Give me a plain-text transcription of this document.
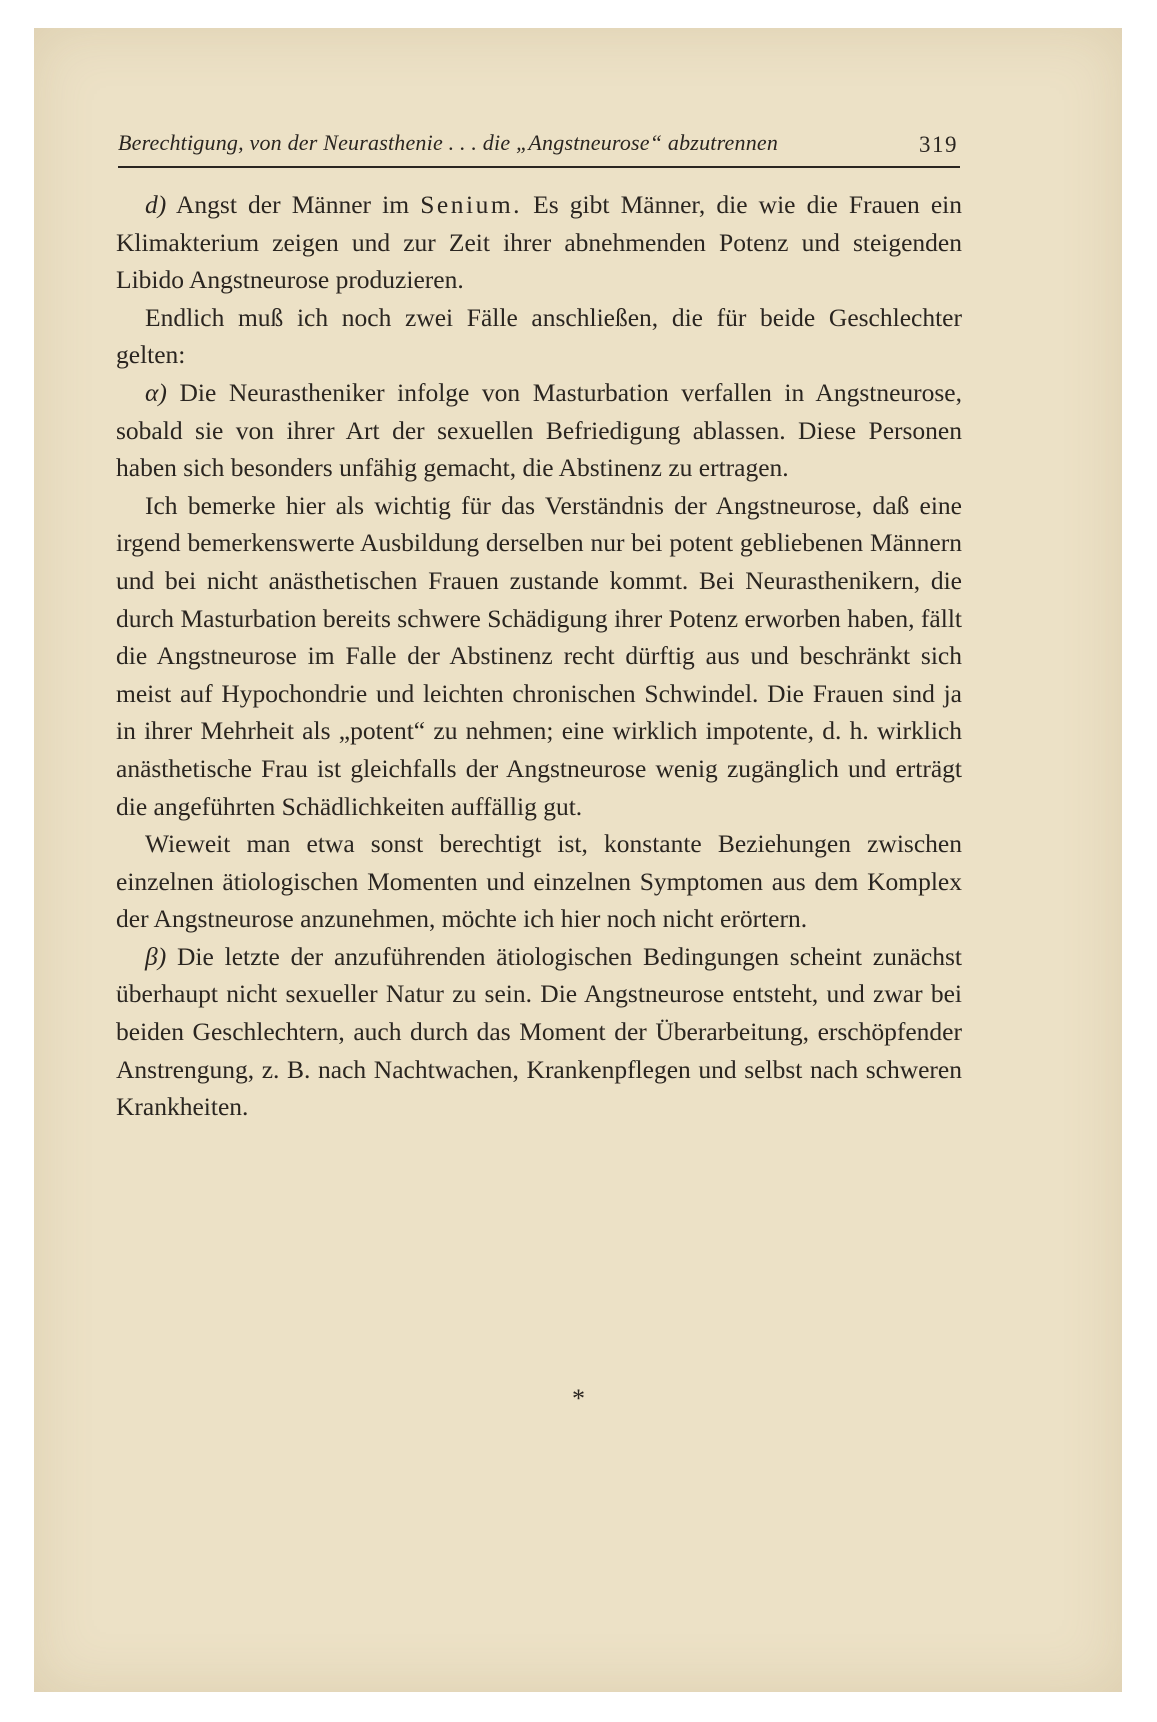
Berechtigung, von der Neurasthenie . . . die „Angstneurose“ abzutrennen	319

d) Angst der Männer im Senium. Es gibt Männer, die wie die Frauen ein Klimakterium zeigen und zur Zeit ihrer abnehmenden Potenz und steigenden Libido Angstneurose produzieren.

Endlich muß ich noch zwei Fälle anschließen, die für beide Geschlechter gelten:

α) Die Neurastheniker infolge von Masturbation verfallen in Angstneurose, sobald sie von ihrer Art der sexuellen Befriedigung ablassen. Diese Personen haben sich besonders unfähig gemacht, die Abstinenz zu ertragen.

Ich bemerke hier als wichtig für das Verständnis der Angstneurose, daß eine irgend bemerkenswerte Ausbildung derselben nur bei potent gebliebenen Männern und bei nicht anästhetischen Frauen zustande kommt. Bei Neurasthenikern, die durch Masturbation bereits schwere Schädigung ihrer Potenz erworben haben, fällt die Angstneurose im Falle der Abstinenz recht dürftig aus und beschränkt sich meist auf Hypochondrie und leichten chronischen Schwindel. Die Frauen sind ja in ihrer Mehrheit als „potent“ zu nehmen; eine wirklich impotente, d. h. wirklich anästhetische Frau ist gleichfalls der Angstneurose wenig zugänglich und erträgt die angeführten Schädlichkeiten auffällig gut.

Wieweit man etwa sonst berechtigt ist, konstante Beziehungen zwischen einzelnen ätiologischen Momenten und einzelnen Symptomen aus dem Komplex der Angstneurose anzunehmen, möchte ich hier noch nicht erörtern.

β) Die letzte der anzuführenden ätiologischen Bedingungen scheint zunächst überhaupt nicht sexueller Natur zu sein. Die Angstneurose entsteht, und zwar bei beiden Geschlechtern, auch durch das Moment der Überarbeitung, erschöpfender Anstrengung, z. B. nach Nachtwachen, Krankenpflegen und selbst nach schweren Krankheiten.

*
